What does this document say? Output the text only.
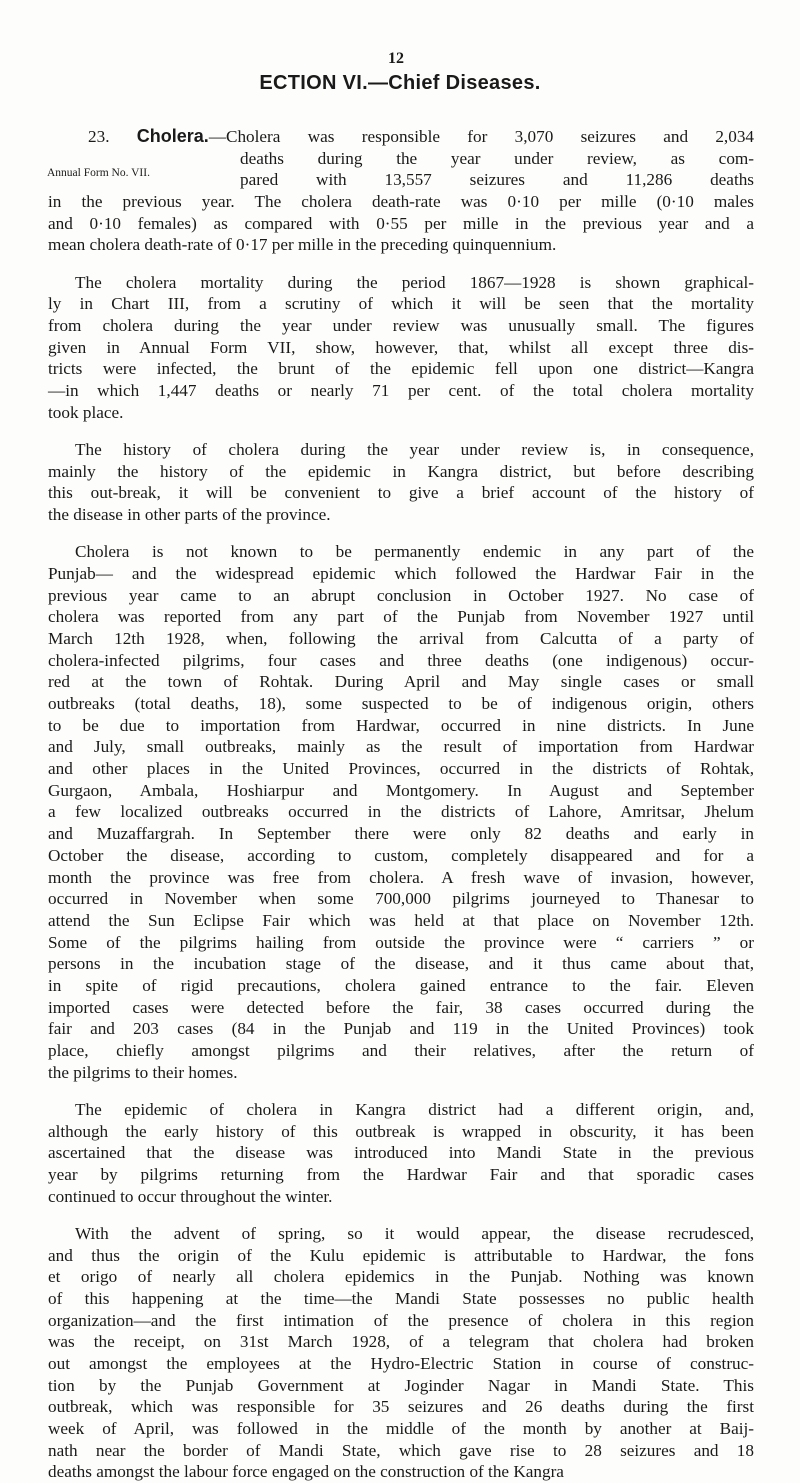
12
ECTION VI.—Chief Diseases.
Annual Form No. VII.
23. Cholera.—Cholera was responsible for 3,070 seizures and 2,034
deaths during the year under review, as com-
pared with 13,557 seizures and 11,286 deaths
in the previous year. The cholera death-rate was 0·10 per mille (0·10 males
and 0·10 females) as compared with 0·55 per mille in the previous year and a
mean cholera death-rate of 0·17 per mille in the preceding quinquennium.
The cholera mortality during the period 1867—1928 is shown graphical-
ly in Chart III, from a scrutiny of which it will be seen that the mortality
from cholera during the year under review was unusually small. The figures
given in Annual Form VII, show, however, that, whilst all except three dis-
tricts were infected, the brunt of the epidemic fell upon one district—Kangra
—in which 1,447 deaths or nearly 71 per cent. of the total cholera mortality
took place.
The history of cholera during the year under review is, in consequence,
mainly the history of the epidemic in Kangra district, but before describing
this out-break, it will be convenient to give a brief account of the history of
the disease in other parts of the province.
Cholera is not known to be permanently endemic in any part of the
Punjab— and the widespread epidemic which followed the Hardwar Fair in the
previous year came to an abrupt conclusion in October 1927. No case of
cholera was reported from any part of the Punjab from November 1927 until
March 12th 1928, when, following the arrival from Calcutta of a party of
cholera-infected pilgrims, four cases and three deaths (one indigenous) occur-
red at the town of Rohtak. During April and May single cases or small
outbreaks (total deaths, 18), some suspected to be of indigenous origin, others
to be due to importation from Hardwar, occurred in nine districts. In June
and July, small outbreaks, mainly as the result of importation from Hardwar
and other places in the United Provinces, occurred in the districts of Rohtak,
Gurgaon, Ambala, Hoshiarpur and Montgomery. In August and September
a few localized outbreaks occurred in the districts of Lahore, Amritsar, Jhelum
and Muzaffargrah. In September there were only 82 deaths and early in
October the disease, according to custom, completely disappeared and for a
month the province was free from cholera. A fresh wave of invasion, however,
occurred in November when some 700,000 pilgrims journeyed to Thanesar to
attend the Sun Eclipse Fair which was held at that place on November 12th.
Some of the pilgrims hailing from outside the province were “ carriers ” or
persons in the incubation stage of the disease, and it thus came about that,
in spite of rigid precautions, cholera gained entrance to the fair. Eleven
imported cases were detected before the fair, 38 cases occurred during the
fair and 203 cases (84 in the Punjab and 119 in the United Provinces) took
place, chiefly amongst pilgrims and their relatives, after the return of
the pilgrims to their homes.
The epidemic of cholera in Kangra district had a different origin, and,
although the early history of this outbreak is wrapped in obscurity, it has been
ascertained that the disease was introduced into Mandi State in the previous
year by pilgrims returning from the Hardwar Fair and that sporadic cases
continued to occur throughout the winter.
With the advent of spring, so it would appear, the disease recrudesced,
and thus the origin of the Kulu epidemic is attributable to Hardwar, the fons
et origo of nearly all cholera epidemics in the Punjab. Nothing was known
of this happening at the time—the Mandi State possesses no public health
organization—and the first intimation of the presence of cholera in this region
was the receipt, on 31st March 1928, of a telegram that cholera had broken
out amongst the employees at the Hydro-Electric Station in course of construc-
tion by the Punjab Government at Joginder Nagar in Mandi State. This
outbreak, which was responsible for 35 seizures and 26 deaths during the first
week of April, was followed in the middle of the month by another at Baij-
nath near the border of Mandi State, which gave rise to 28 seizures and 18
deaths amongst the labour force engaged on the construction of the Kangra
